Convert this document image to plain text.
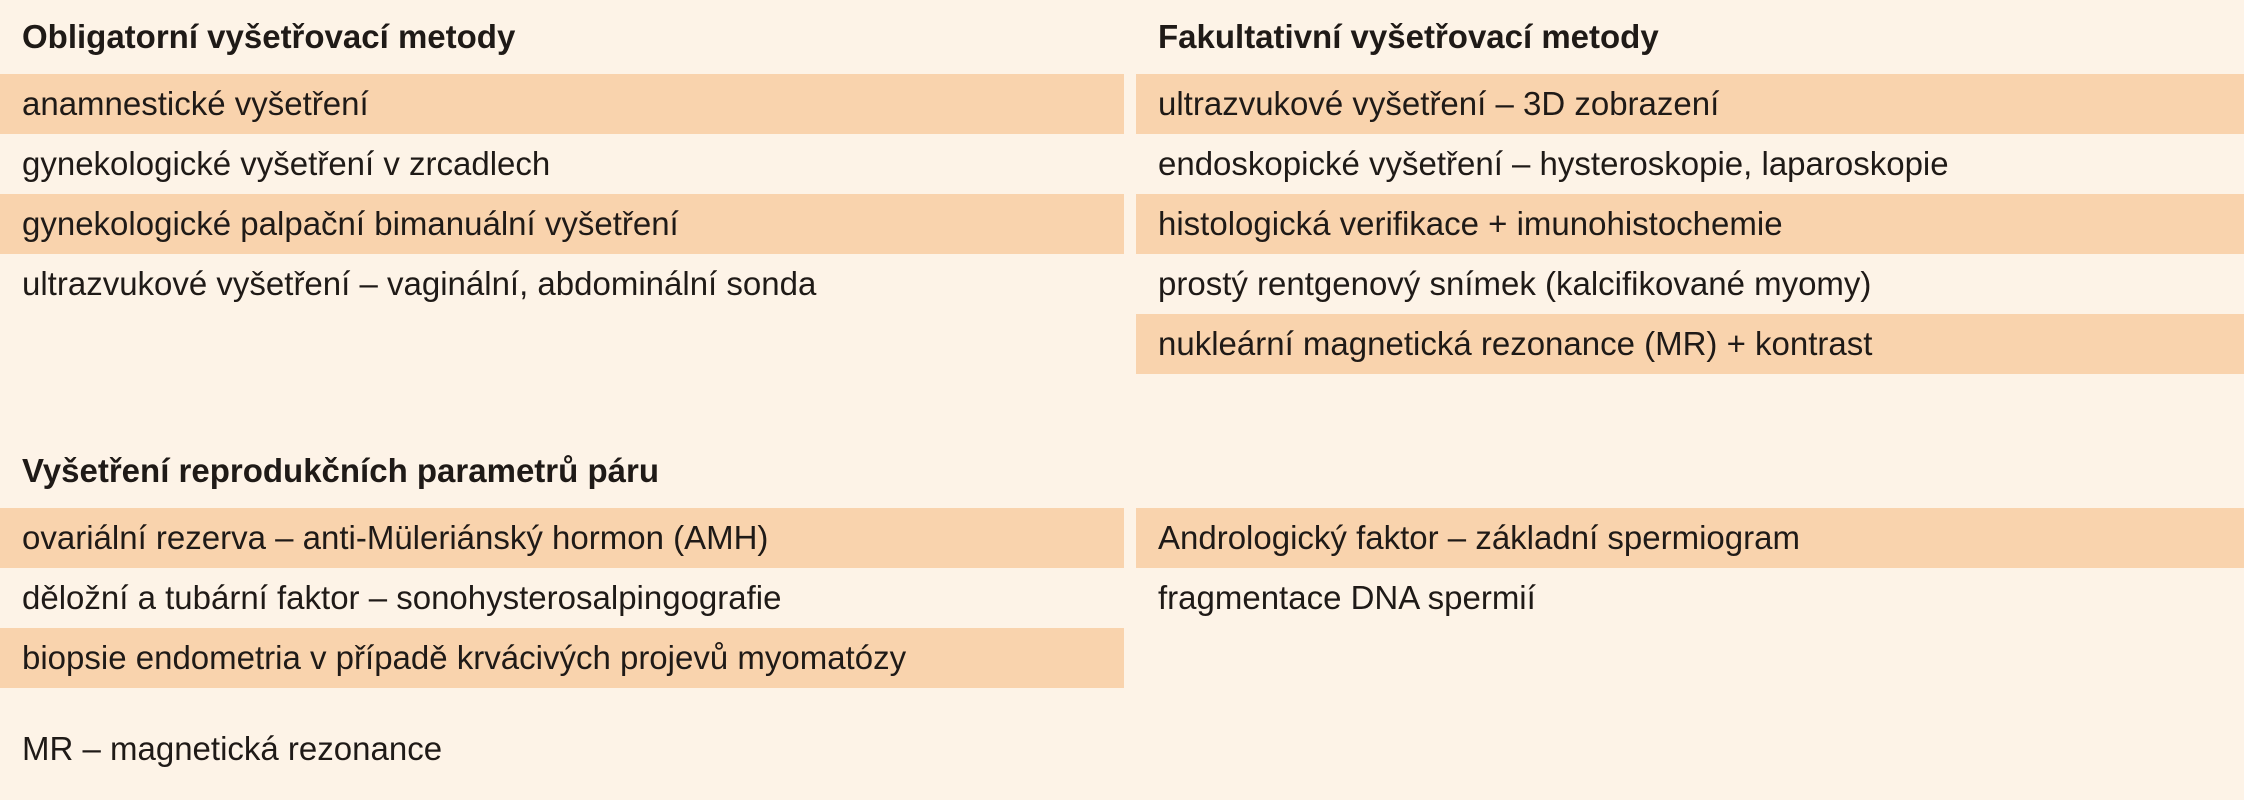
Obligatorní vyšetřovací metody
anamnestické vyšetření
gynekologické vyšetření v zrcadlech
gynekologické palpační bimanuální vyšetření
ultrazvukové vyšetření – vaginální, abdominální sonda
Fakultativní vyšetřovací metody
ultrazvukové vyšetření – 3D zobrazení
endoskopické vyšetření – hysteroskopie, laparoskopie
histologická verifikace + imunohistochemie
prostý rentgenový snímek (kalcifikované myomy)
nukleární magnetická rezonance (MR) + kontrast
Vyšetření reprodukčních parametrů páru
ovariální rezerva – anti-Müleriánský hormon (AMH)
děložní a tubární faktor – sonohysterosalpingografie
biopsie endometria v případě krvácivých projevů myomatózy
Andrologický faktor – základní spermiogram
fragmentace DNA spermií
MR – magnetická rezonance
